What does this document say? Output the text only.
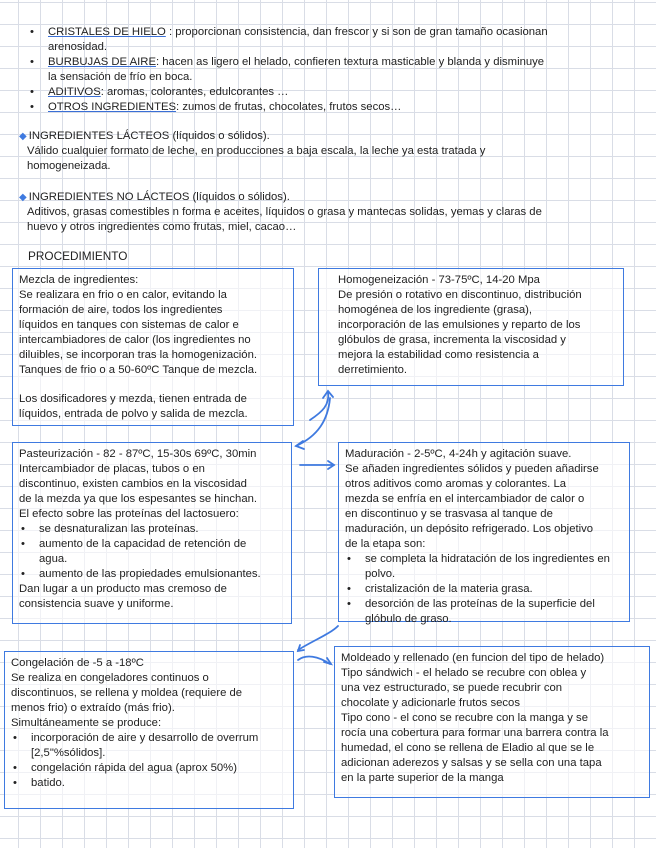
• CRISTALES DE HIELO : proporcionan consistencia, dan frescor y si son de gran tamaño ocasionan
arenosidad.
• BURBUJAS DE AIRE: hacen as ligero el helado, confieren textura masticable y blanda y disminuye
la sensación de frío en boca.
• ADITIVOS: aromas, colorantes, edulcorantes …
• OTROS INGREDIENTES: zumos de frutas, chocolates, frutos secos…
◆ INGREDIENTES LÁCTEOS (líquidos o sólidos).
Válido cualquier formato de leche, en producciones a baja escala, la leche ya esta tratada y
homogeneizada.
◆ INGREDIENTES NO LÁCTEOS (líquidos o sólidos).
Aditivos, grasas comestibles n forma e aceites, líquidos o grasa y mantecas solidas, yemas y claras de
huevo y otros ingredientes como frutas, miel, cacao…
PROCEDIMIENTO

Mezcla de ingredientes:

Se realizara en frio o en calor, evitando la

formación de aire, todos los ingredientes

líquidos en tanques con sistemas de calor e

intercambiadores de calor (los ingredientes no

diluibles, se incorporan tras la homogenización.

Tanques de frio o a 50-60ºC Tanque de mezcla.

Los dosificadores y mezda, tienen entrada de

líquidos, entrada de polvo y salida de mezcla.

Homogeneización - 73-75ºC, 14-20 Mpa

De presión o rotativo en discontinuo, distribución

homogénea de los ingrediente (grasa),

incorporación de las emulsiones y reparto de los

glóbulos de grasa, incrementa la viscosidad y

mejora la estabilidad como resistencia a

derretimiento.

Pasteurización - 82 - 87ºC, 15-30s 69ºC, 30min

Intercambiador de placas, tubos o en

discontinuo, existen cambios en la viscosidad

de la mezda ya que los espesantes se hinchan.

El efecto sobre las proteínas del lactosuero:

• se desnaturalizan las proteínas.
• aumento de la capacidad de retención de agua.
• aumento de las propiedades emulsionantes.

Dan lugar a un producto mas cremoso de

consistencia suave y uniforme.

Maduración - 2-5ºC, 4-24h y agitación suave.

Se añaden ingredientes sólidos y pueden añadirse

otros aditivos como aromas y colorantes. La

mezda se enfría en el intercambiador de calor o

en discontinuo y se trasvasa al tanque de

maduración, un depósito refrigerado. Los objetivo

de la etapa son:

• se completa la hidratación de los ingredientes en polvo.
• cristalización de la materia grasa.
• desorción de las proteínas de la superficie del glóbulo de graso.

Congelación de -5 a -18ºC

Se realiza en congeladores continuos o

discontinuos, se rellena y moldea (requiere de

menos frio) o extraído (más frio).

Simultáneamente se produce:

• incorporación de aire y desarrollo de overrum [2,5"%sólidos].
• congelación rápida del agua (aprox 50%)
• batido.

Moldeado y rellenado (en funcion del tipo de helado)

Tipo sándwich - el helado se recubre con oblea y

una vez estructurado, se puede recubrir con

chocolate y adicionarle frutos secos

Tipo cono - el cono se recubre con la manga y se

rocía una cobertura para formar una barrera contra la

humedad, el cono se rellena de Eladio al que se le

adicionan aderezos y salsas y se sella con una tapa

en la parte superior de la manga
